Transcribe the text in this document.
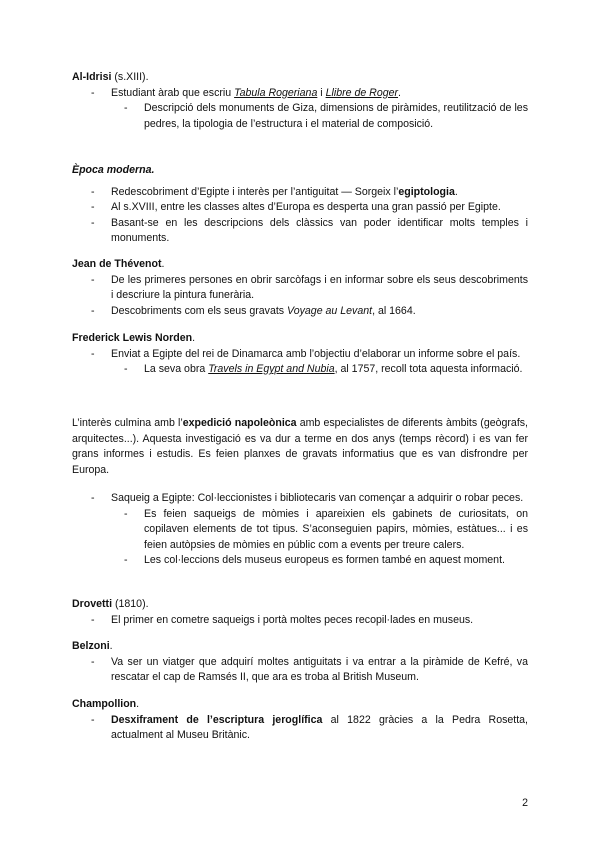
Al-Idrisi (s.XIII).

- Estudiant àrab que escriu Tabula Rogeriana i Llibre de Roger.
- Descripció dels monuments de Giza, dimensions de piràmides, reutilització de les pedres, la tipologia de l’estructura i el material de composició.

Època moderna.

- Redescobriment d’Egipte i interès per l’antiguitat — Sorgeix l’egiptologia.
- Al s.XVIII, entre les classes altes d’Europa es desperta una gran passió per Egipte.
- Basant-se en les descripcions dels clàssics van poder identificar molts temples i monuments.

Jean de Thévenot.

- De les primeres persones en obrir sarcòfags i en informar sobre els seus descobriments i descriure la pintura funerària.
- Descobriments com els seus gravats Voyage au Levant, al 1664.

Frederick Lewis Norden.

- Enviat a Egipte del rei de Dinamarca amb l’objectiu d’elaborar un informe sobre el país.
- La seva obra Travels in Egypt and Nubia, al 1757, recoll tota aquesta informació.

L’interès culmina amb l’expedició napoleònica amb especialistes de diferents àmbits (geògrafs, arquitectes...). Aquesta investigació es va dur a terme en dos anys (temps rècord) i es van fer grans informes i estudis. Es feien planxes de gravats informatius que es van disfrondre per Europa.

- Saqueig a Egipte: Col·leccionistes i bibliotecaris van començar a adquirir o robar peces.
- Es feien saqueigs de mòmies i apareixien els gabinets de curiositats, on copilaven elements de tot tipus. S’aconseguien papirs, mòmies, estàtues... i es feien autòpsies de mòmies en públic com a events per treure calers.
- Les col·leccions dels museus europeus es formen també en aquest moment.

Drovetti (1810).

- El primer en cometre saqueigs i portà moltes peces recopil·lades en museus.

Belzoni.

- Va ser un viatger que adquirí moltes antiguitats i va entrar a la piràmide de Kefré, va rescatar el cap de Ramsés II, que ara es troba al British Museum.

Champollion.

- Desxiframent de l’escriptura jeroglífica al 1822 gràcies a la Pedra Rosetta, actualment al Museu Britànic.
2
